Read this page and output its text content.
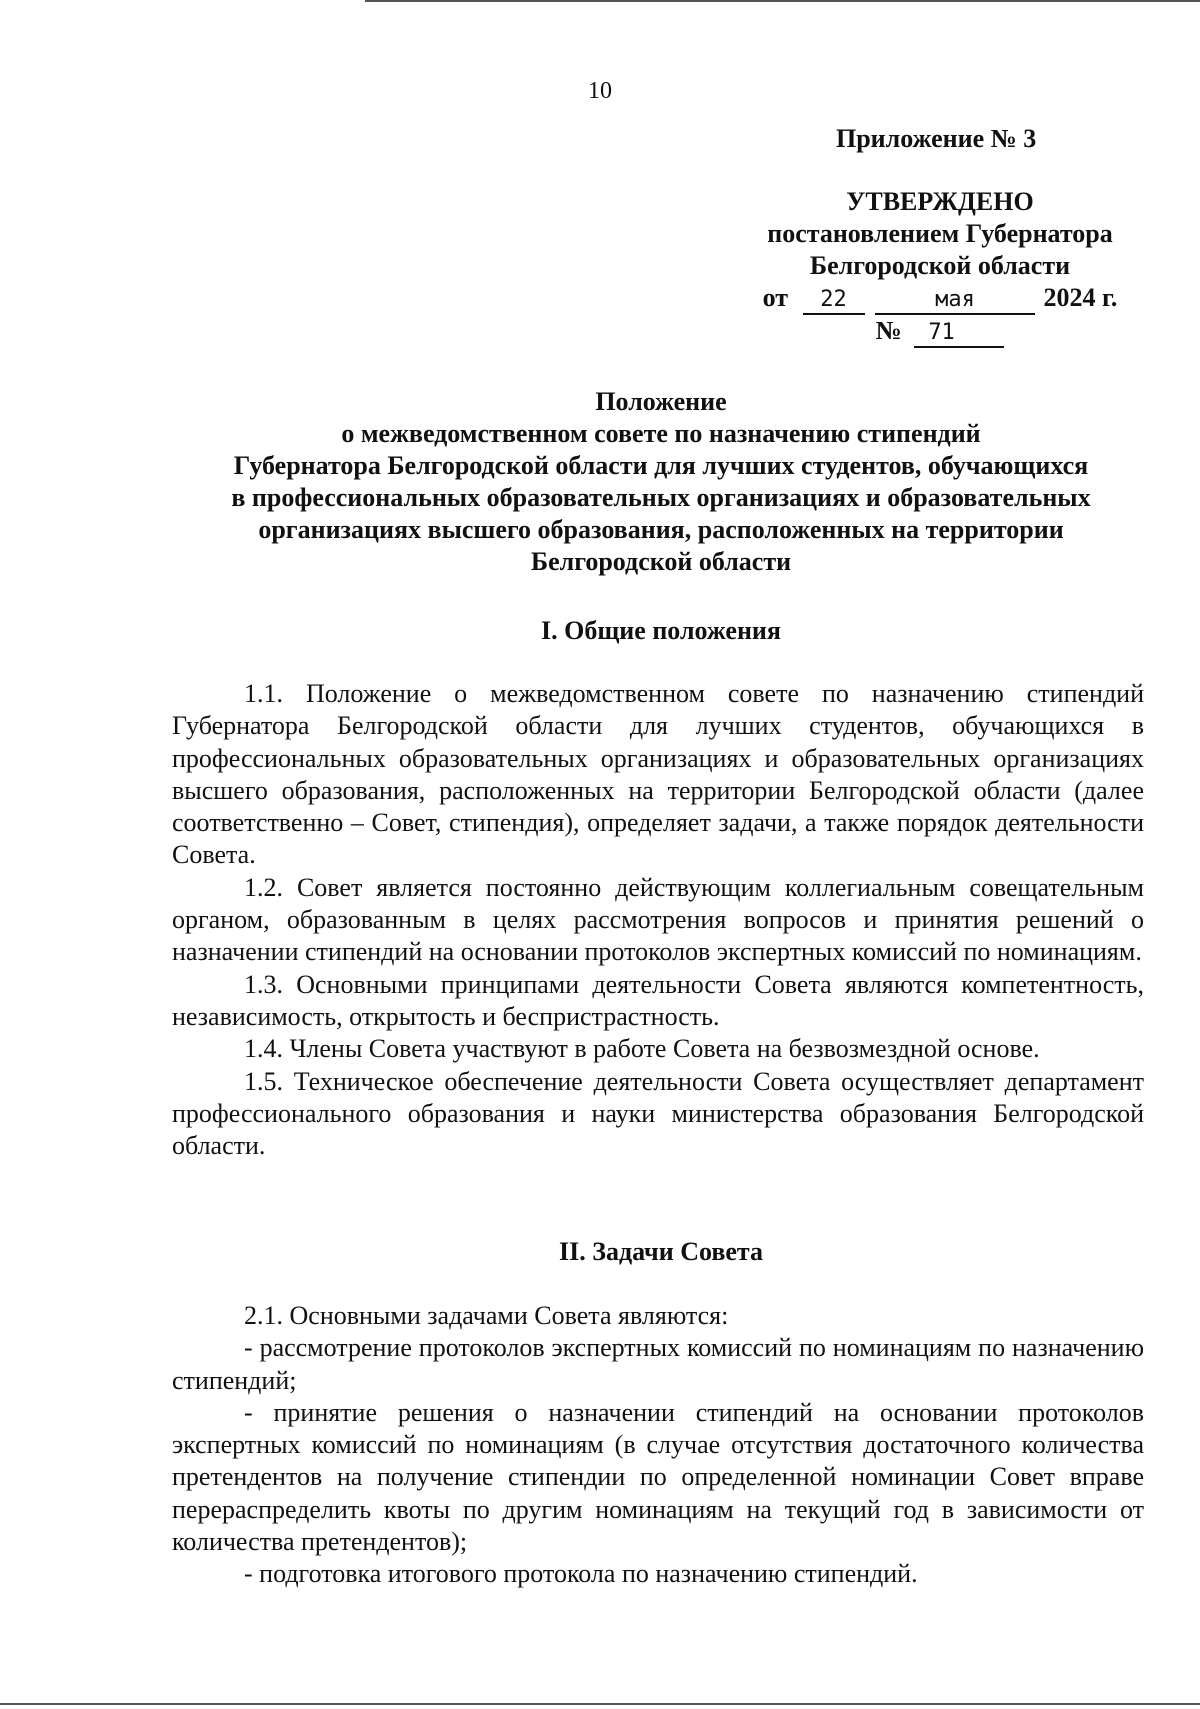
10
Приложение № 3
УТВЕРЖДЕНО
постановлением Губернатора
Белгородской области
от 22	мая	2024 г.
№ 71
Положение
о межведомственном совете по назначению стипендий
Губернатора Белгородской области для лучших студентов, обучающихся
в профессиональных образовательных организациях и образовательных
организациях высшего образования, расположенных на территории
Белгородской области
I. Общие положения

1.1. Положение о межведомственном совете по назначению стипендий Губернатора Белгородской области для лучших студентов, обучающихся в профессиональных образовательных организациях и образовательных организациях высшего образования, расположенных на территории Белгородской области (далее соответственно – Совет, стипендия), определяет задачи, а также порядок деятельности Совета.

1.2. Совет является постоянно действующим коллегиальным совещательным органом, образованным в целях рассмотрения вопросов и принятия решений о назначении стипендий на основании протоколов экспертных комиссий по номинациям.

1.3. Основными принципами деятельности Совета являются компетентность, независимость, открытость и беспристрастность.

1.4. Члены Совета участвуют в работе Совета на безвозмездной основе.

1.5. Техническое обеспечение деятельности Совета осуществляет департамент профессионального образования и науки министерства образования Белгородской области.

II. Задачи Совета

2.1. Основными задачами Совета являются:

- рассмотрение протоколов экспертных комиссий по номинациям по назначению стипендий;

- принятие решения о назначении стипендий на основании протоколов экспертных комиссий по номинациям (в случае отсутствия достаточного количества претендентов на получение стипендии по определенной номинации Совет вправе перераспределить квоты по другим номинациям на текущий год в зависимости от количества претендентов);

- подготовка итогового протокола по назначению стипендий.
